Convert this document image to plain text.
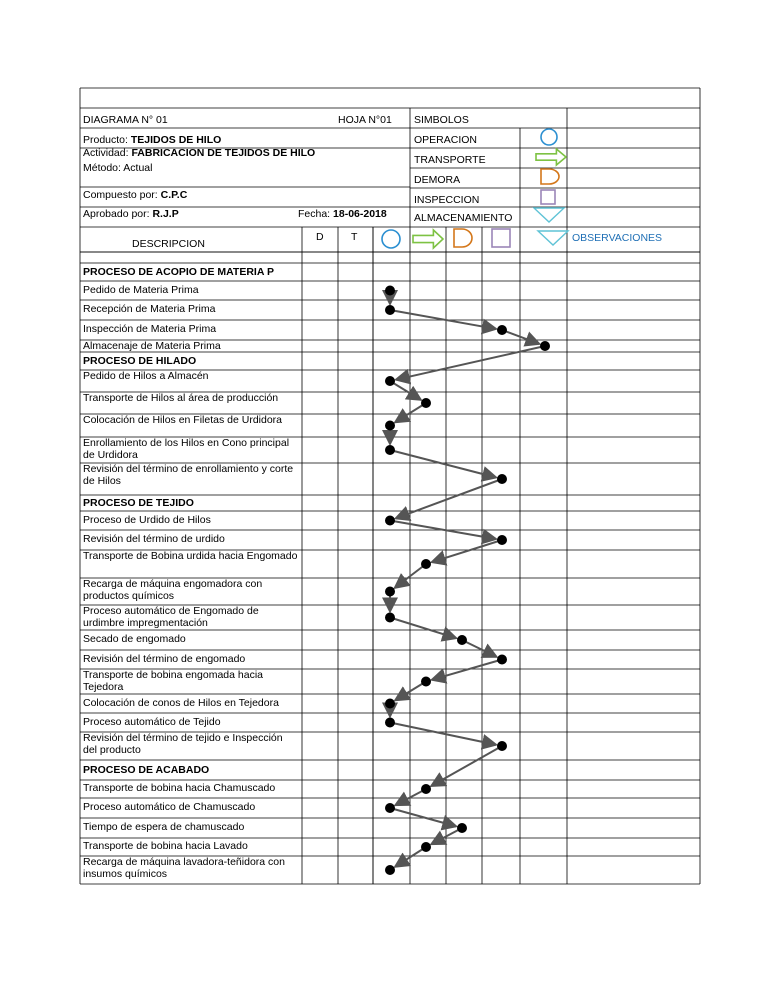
DIAGRAMA N° 01	HOJA N°01 SIMBOLOS
Producto: TEJIDOS DE HILO
Actividad: FABRICACION DE TEJIDOS DE HILO
Método: Actual
Compuesto por: C.P.C
Aprobado por: R.J.P	Fecha: 18-06-2018
OPERACION
TRANSPORTE
DEMORA
INSPECCION
ALMACENAMIENTO
DESCRIPCION
D	T	OBSERVACIONES
PROCESO DE ACOPIO DE MATERIA P
Pedido de Materia Prima
Recepción de Materia Prima
Inspección de Materia Prima
Almacenaje de Materia Prima
PROCESO DE HILADO
Pedido de Hilos a Almacén
Transporte de Hilos al área de producción
Colocación de Hilos en Filetas de Urdidora
Enrollamiento de los Hilos en Cono principal de Urdidora
Revisión del término de enrollamiento y corte de Hilos
PROCESO DE TEJIDO
Proceso de Urdido de Hilos
Revisión del término de urdido
Transporte de Bobina urdida hacia Engomado
Recarga de máquina engomadora con productos químicos
Proceso automático de Engomado de urdimbre impregmentación
Secado de engomado
Revisión del término de engomado
Transporte de bobina engomada hacia Tejedora
Colocación de conos de Hilos en Tejedora
Proceso automático de Tejido
Revisión del término de tejido e Inspección del producto
PROCESO DE ACABADO
Transporte de bobina hacia Chamuscado
Proceso automático de Chamuscado
Tiempo de espera de chamuscado
Transporte de bobina hacia Lavado
Recarga de máquina lavadora-teñidora con insumos químicos
